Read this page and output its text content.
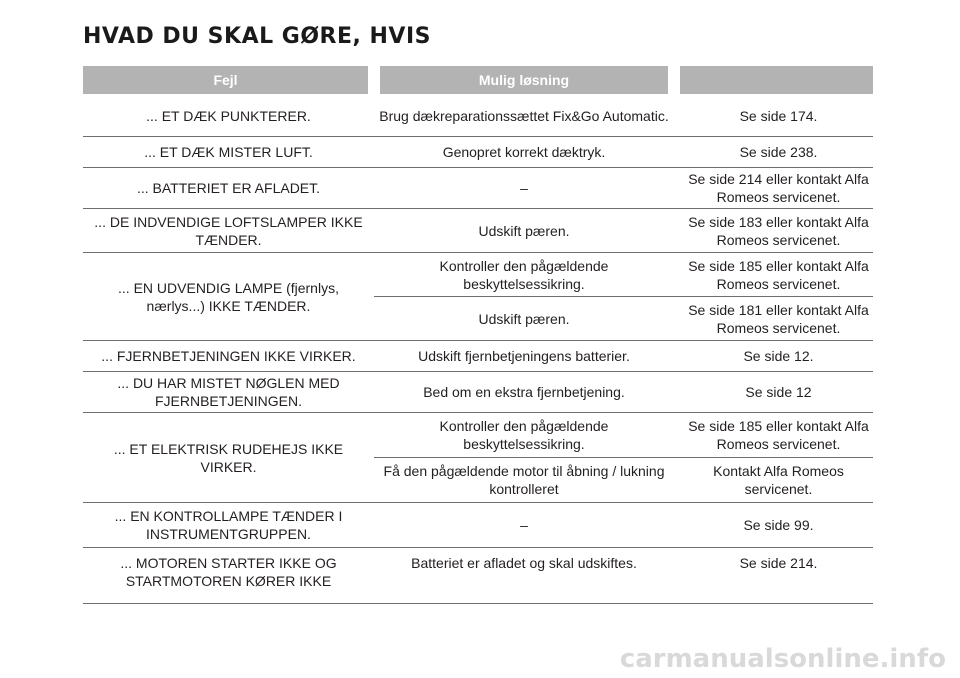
HVAD DU SKAL GØRE, HVIS
Fejl	Mulig løsning	
... ET DÆK PUNKTERER.	Brug dækreparationssættet Fix&Go Automatic.	Se side 174.
... ET DÆK MISTER LUFT.	Genopret korrekt dæktryk.	Se side 238.
... BATTERIET ER AFLADET.	–	Se side 214 eller kontakt Alfa Romeos servicenet.
... DE INDVENDIGE LOFTSLAMPER IKKE TÆNDER.	Udskift pæren.	Se side 183 eller kontakt Alfa Romeos servicenet.
... EN UDVENDIG LAMPE (fjernlys, nærlys...) IKKE TÆNDER.	Kontroller den pågældende beskyttelsessikring.	Se side 185 eller kontakt Alfa Romeos servicenet.
	Udskift pæren.	Se side 181 eller kontakt Alfa Romeos servicenet.
... FJERNBETJENINGEN IKKE VIRKER.	Udskift fjernbetjeningens batterier.	Se side 12.
... DU HAR MISTET NØGLEN MED FJERNBETJENINGEN.	Bed om en ekstra fjernbetjening.	Se side 12
... ET ELEKTRISK RUDEHEJS IKKE VIRKER.	Kontroller den pågældende beskyttelsessikring.	Se side 185 eller kontakt Alfa Romeos servicenet.
	Få den pågældende motor til åbning / lukning kontrolleret	Kontakt Alfa Romeos servicenet.
... EN KONTROLLAMPE TÆNDER I INSTRUMENTGRUPPEN.	–	Se side 99.
... MOTOREN STARTER IKKE OG STARTMOTOREN KØRER IKKE	Batteriet er afladet og skal udskiftes.	Se side 214.
carmanualsonline.info
